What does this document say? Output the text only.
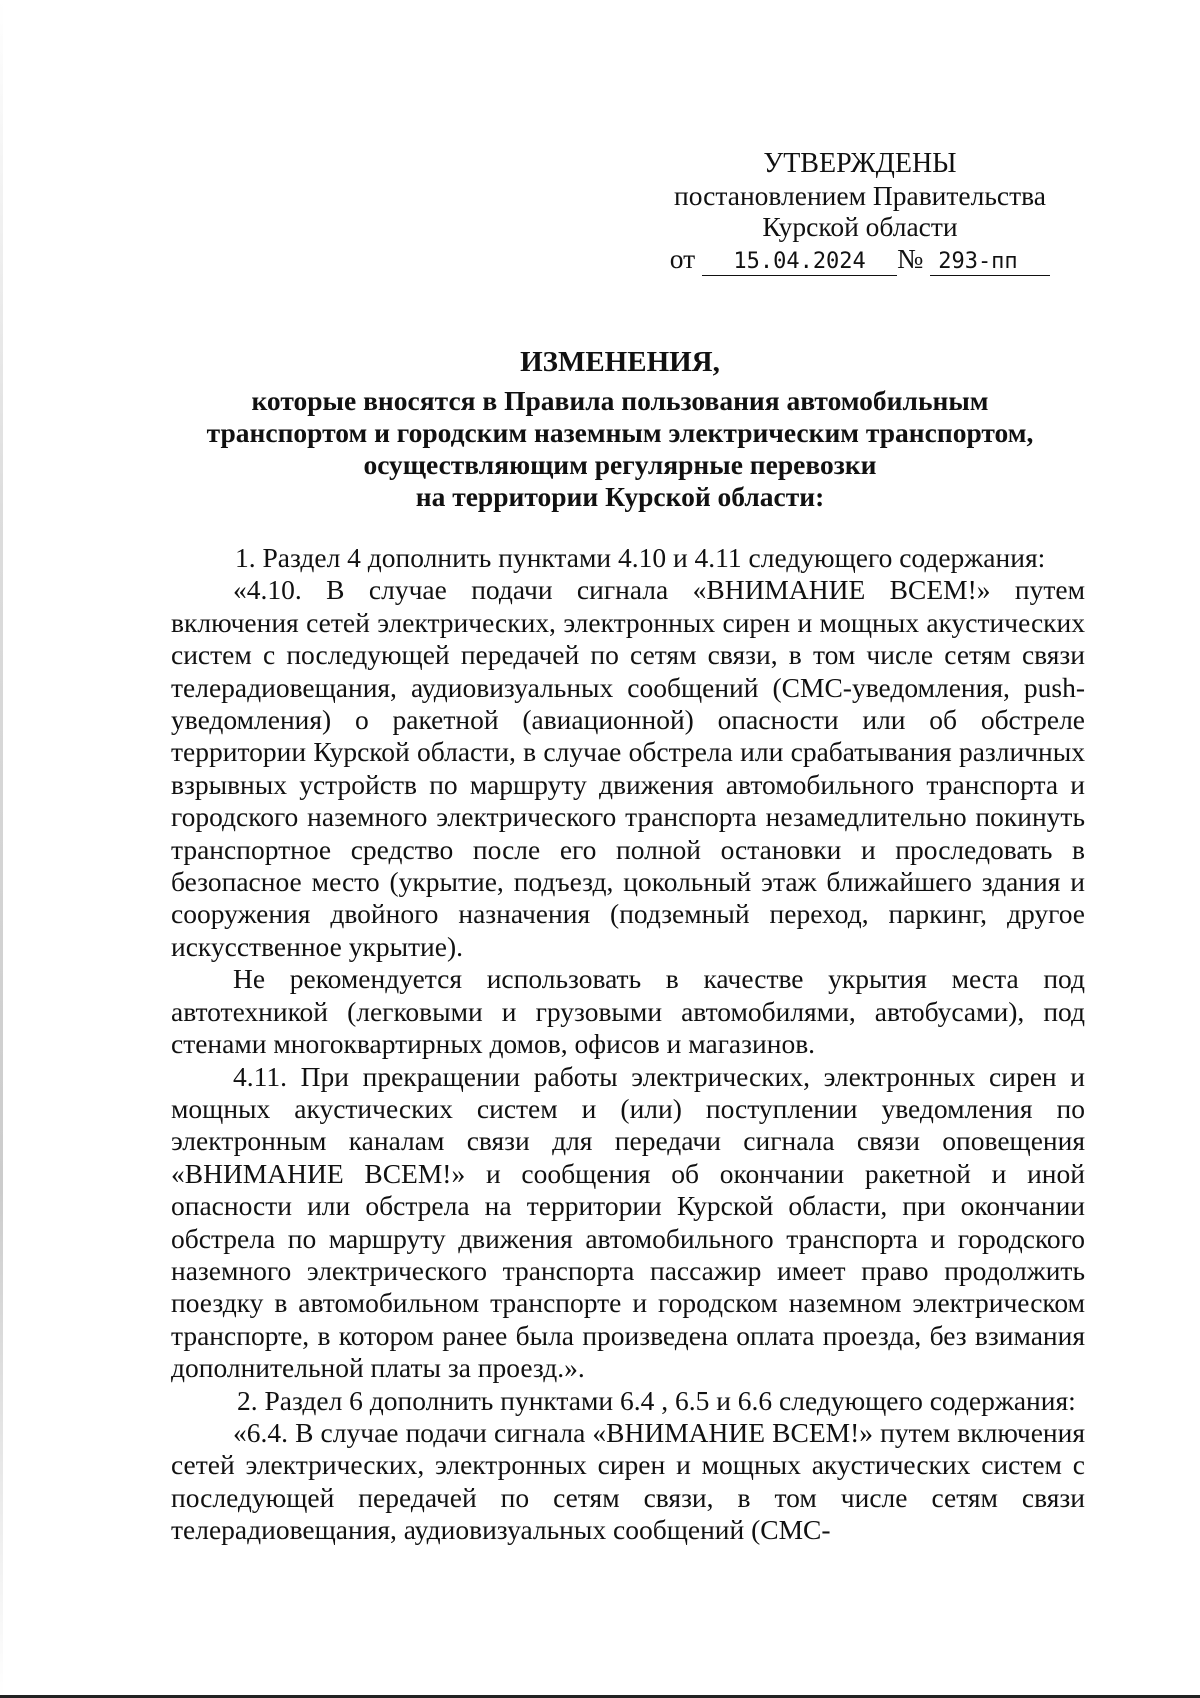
УТВЕРЖДЕНЫ
постановлением Правительства
Курской области
от 15.04.2024 № 293-пп
ИЗМЕНЕНИЯ,
которые вносятся в Правила пользования автомобильным
транспортом и городским наземным электрическим транспортом,
осуществляющим регулярные перевозки
на территории Курской области:

1. Раздел 4 дополнить пунктами 4.10 и 4.11 следующего содержания:

«4.10. В случае подачи сигнала «ВНИМАНИЕ ВСЕМ!» путем включения сетей электрических, электронных сирен и мощных акустических систем с последующей передачей по сетям связи, в том числе сетям связи телерадиовещания, аудиовизуальных сообщений (СМС-уведомления, push-уведомления) о ракетной (авиационной) опасности или об обстреле территории Курской области, в случае обстрела или срабатывания различных взрывных устройств по маршруту движения автомобильного транспорта и городского наземного электрического транспорта незамедлительно покинуть транспортное средство после его полной остановки и проследовать в безопасное место (укрытие, подъезд, цокольный этаж ближайшего здания и сооружения двойного назначения (подземный переход, паркинг, другое искусственное укрытие).

Не рекомендуется использовать в качестве укрытия места под автотехникой (легковыми и грузовыми автомобилями, автобусами), под стенами многоквартирных домов, офисов и магазинов.

4.11. При прекращении работы электрических, электронных сирен и мощных акустических систем и (или) поступлении уведомления по электронным каналам связи для передачи сигнала связи оповещения «ВНИМАНИЕ ВСЕМ!» и сообщения об окончании ракетной и иной опасности или обстрела на территории Курской области, при окончании обстрела по маршруту движения автомобильного транспорта и городского наземного электрического транспорта пассажир имеет право продолжить поездку в автомобильном транспорте и городском наземном электрическом транспорте, в котором ранее была произведена оплата проезда, без взимания дополнительной платы за проезд.».

2. Раздел 6 дополнить пунктами 6.4 , 6.5 и 6.6 следующего содержания:

«6.4. В случае подачи сигнала «ВНИМАНИЕ ВСЕМ!» путем включения сетей электрических, электронных сирен и мощных акустических систем с последующей передачей по сетям связи, в том числе сетям связи телерадиовещания, аудиовизуальных сообщений (СМС-
